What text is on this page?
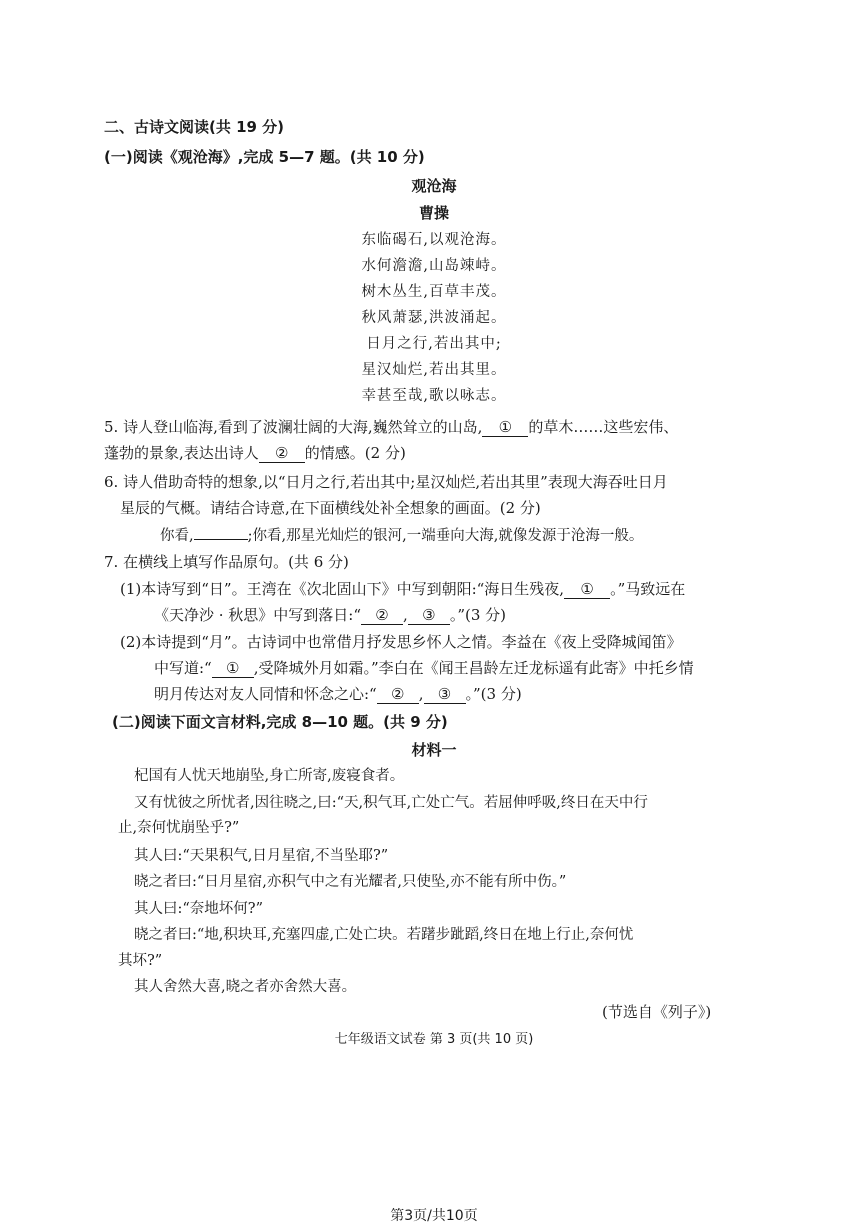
二、古诗文阅读(共 19 分)
(一)阅读《观沧海》,完成 5—7 题。(共 10 分)
观沧海
曹操
东临碣石,以观沧海。
水何澹澹,山岛竦峙。
树木丛生,百草丰茂。
秋风萧瑟,洪波涌起。
日月之行,若出其中;
星汉灿烂,若出其里。
幸甚至哉,歌以咏志。
5. 诗人登山临海,看到了波澜壮阔的大海,巍然耸立的山岛, ① 的草木……这些宏伟、
蓬勃的景象,表达出诗人 ② 的情感。(2 分)
6. 诗人借助奇特的想象,以“日月之行,若出其中;星汉灿烂,若出其里”表现大海吞吐日月
星辰的气概。请结合诗意,在下面横线处补全想象的画面。(2 分)
你看,	;你看,那星光灿烂的银河,一端垂向大海,就像发源于沧海一般。
7. 在横线上填写作品原句。(共 6 分)
(1)本诗写到“日”。王湾在《次北固山下》中写到朝阳:“海日生残夜, ① 。”马致远在
《天净沙 · 秋思》中写到落日:“ ② , ③ 。”(3 分)
(2)本诗提到“月”。古诗词中也常借月抒发思乡怀人之情。李益在《夜上受降城闻笛》
中写道:“ ① ,受降城外月如霜。”李白在《闻王昌龄左迁龙标遥有此寄》中托乡情
明月传达对友人同情和怀念之心:“ ② , ③ 。”(3 分)
(二)阅读下面文言材料,完成 8—10 题。(共 9 分)
材料一
杞国有人忧天地崩坠,身亡所寄,废寝食者。
又有忧彼之所忧者,因往晓之,曰:“天,积气耳,亡处亡气。若屈伸呼吸,终日在天中行
止,奈何忧崩坠乎?”
其人曰:“天果积气,日月星宿,不当坠耶?”
晓之者曰:“日月星宿,亦积气中之有光耀者,只使坠,亦不能有所中伤。”
其人曰:“奈地坏何?”
晓之者曰:“地,积块耳,充塞四虚,亡处亡块。若躇步跐蹈,终日在地上行止,奈何忧
其坏?”
其人舍然大喜,晓之者亦舍然大喜。
(节选自《列子》)
七年级语文试卷 第 3 页(共 10 页)
第3页/共10页
